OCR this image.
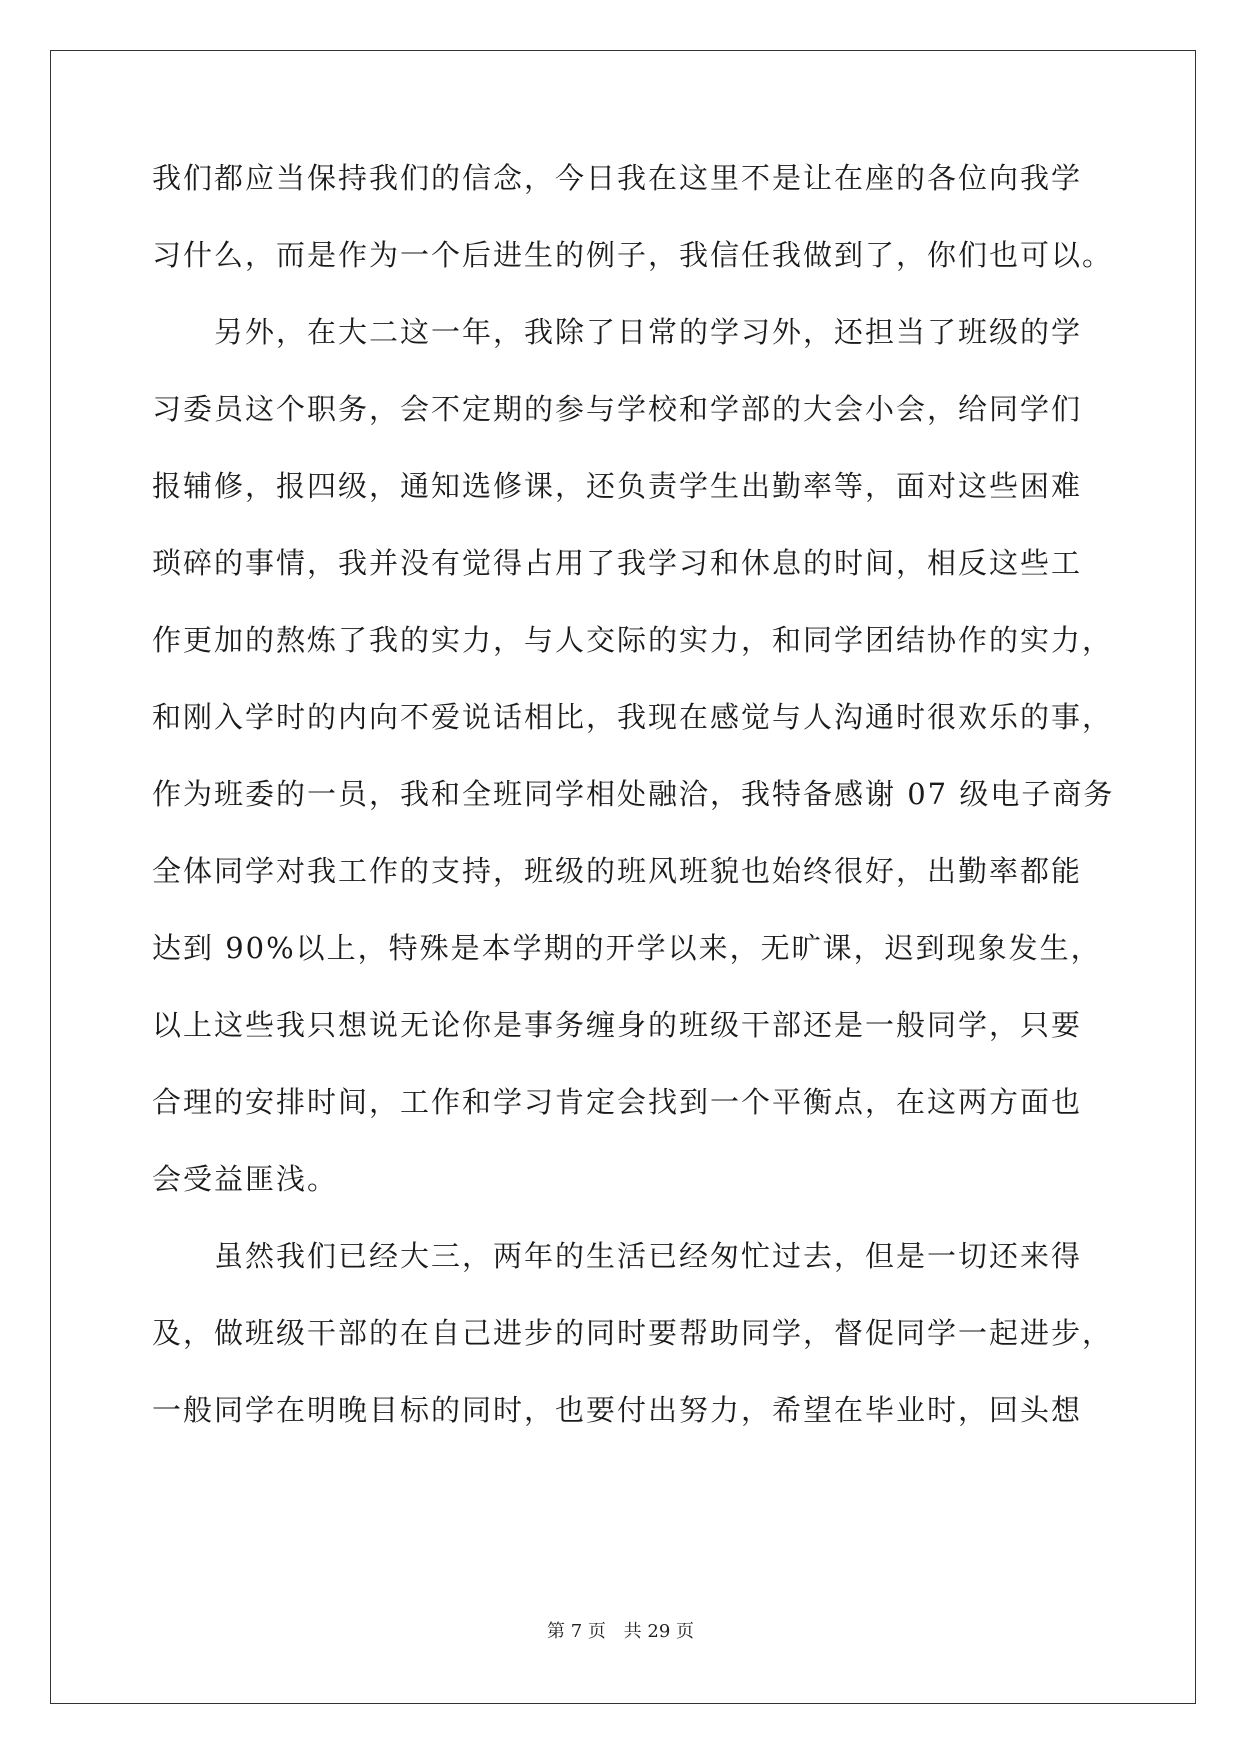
我们都应当保持我们的信念，今日我在这里不是让在座的各位向我学
习什么，而是作为一个后进生的例子，我信任我做到了，你们也可以。
　　另外，在大二这一年，我除了日常的学习外，还担当了班级的学
习委员这个职务，会不定期的参与学校和学部的大会小会，给同学们
报辅修，报四级，通知选修课，还负责学生出勤率等，面对这些困难
琐碎的事情，我并没有觉得占用了我学习和休息的时间，相反这些工
作更加的熬炼了我的实力，与人交际的实力，和同学团结协作的实力，
和刚入学时的内向不爱说话相比，我现在感觉与人沟通时很欢乐的事，
作为班委的一员，我和全班同学相处融洽，我特备感谢 07 级电子商务
全体同学对我工作的支持，班级的班风班貌也始终很好，出勤率都能
达到 90%以上，特殊是本学期的开学以来，无旷课，迟到现象发生，
以上这些我只想说无论你是事务缠身的班级干部还是一般同学，只要
合理的安排时间，工作和学习肯定会找到一个平衡点，在这两方面也
会受益匪浅。
　　虽然我们已经大三，两年的生活已经匆忙过去，但是一切还来得
及，做班级干部的在自己进步的同时要帮助同学，督促同学一起进步，
一般同学在明晚目标的同时，也要付出努力，希望在毕业时，回头想
第 7 页 共 29 页
